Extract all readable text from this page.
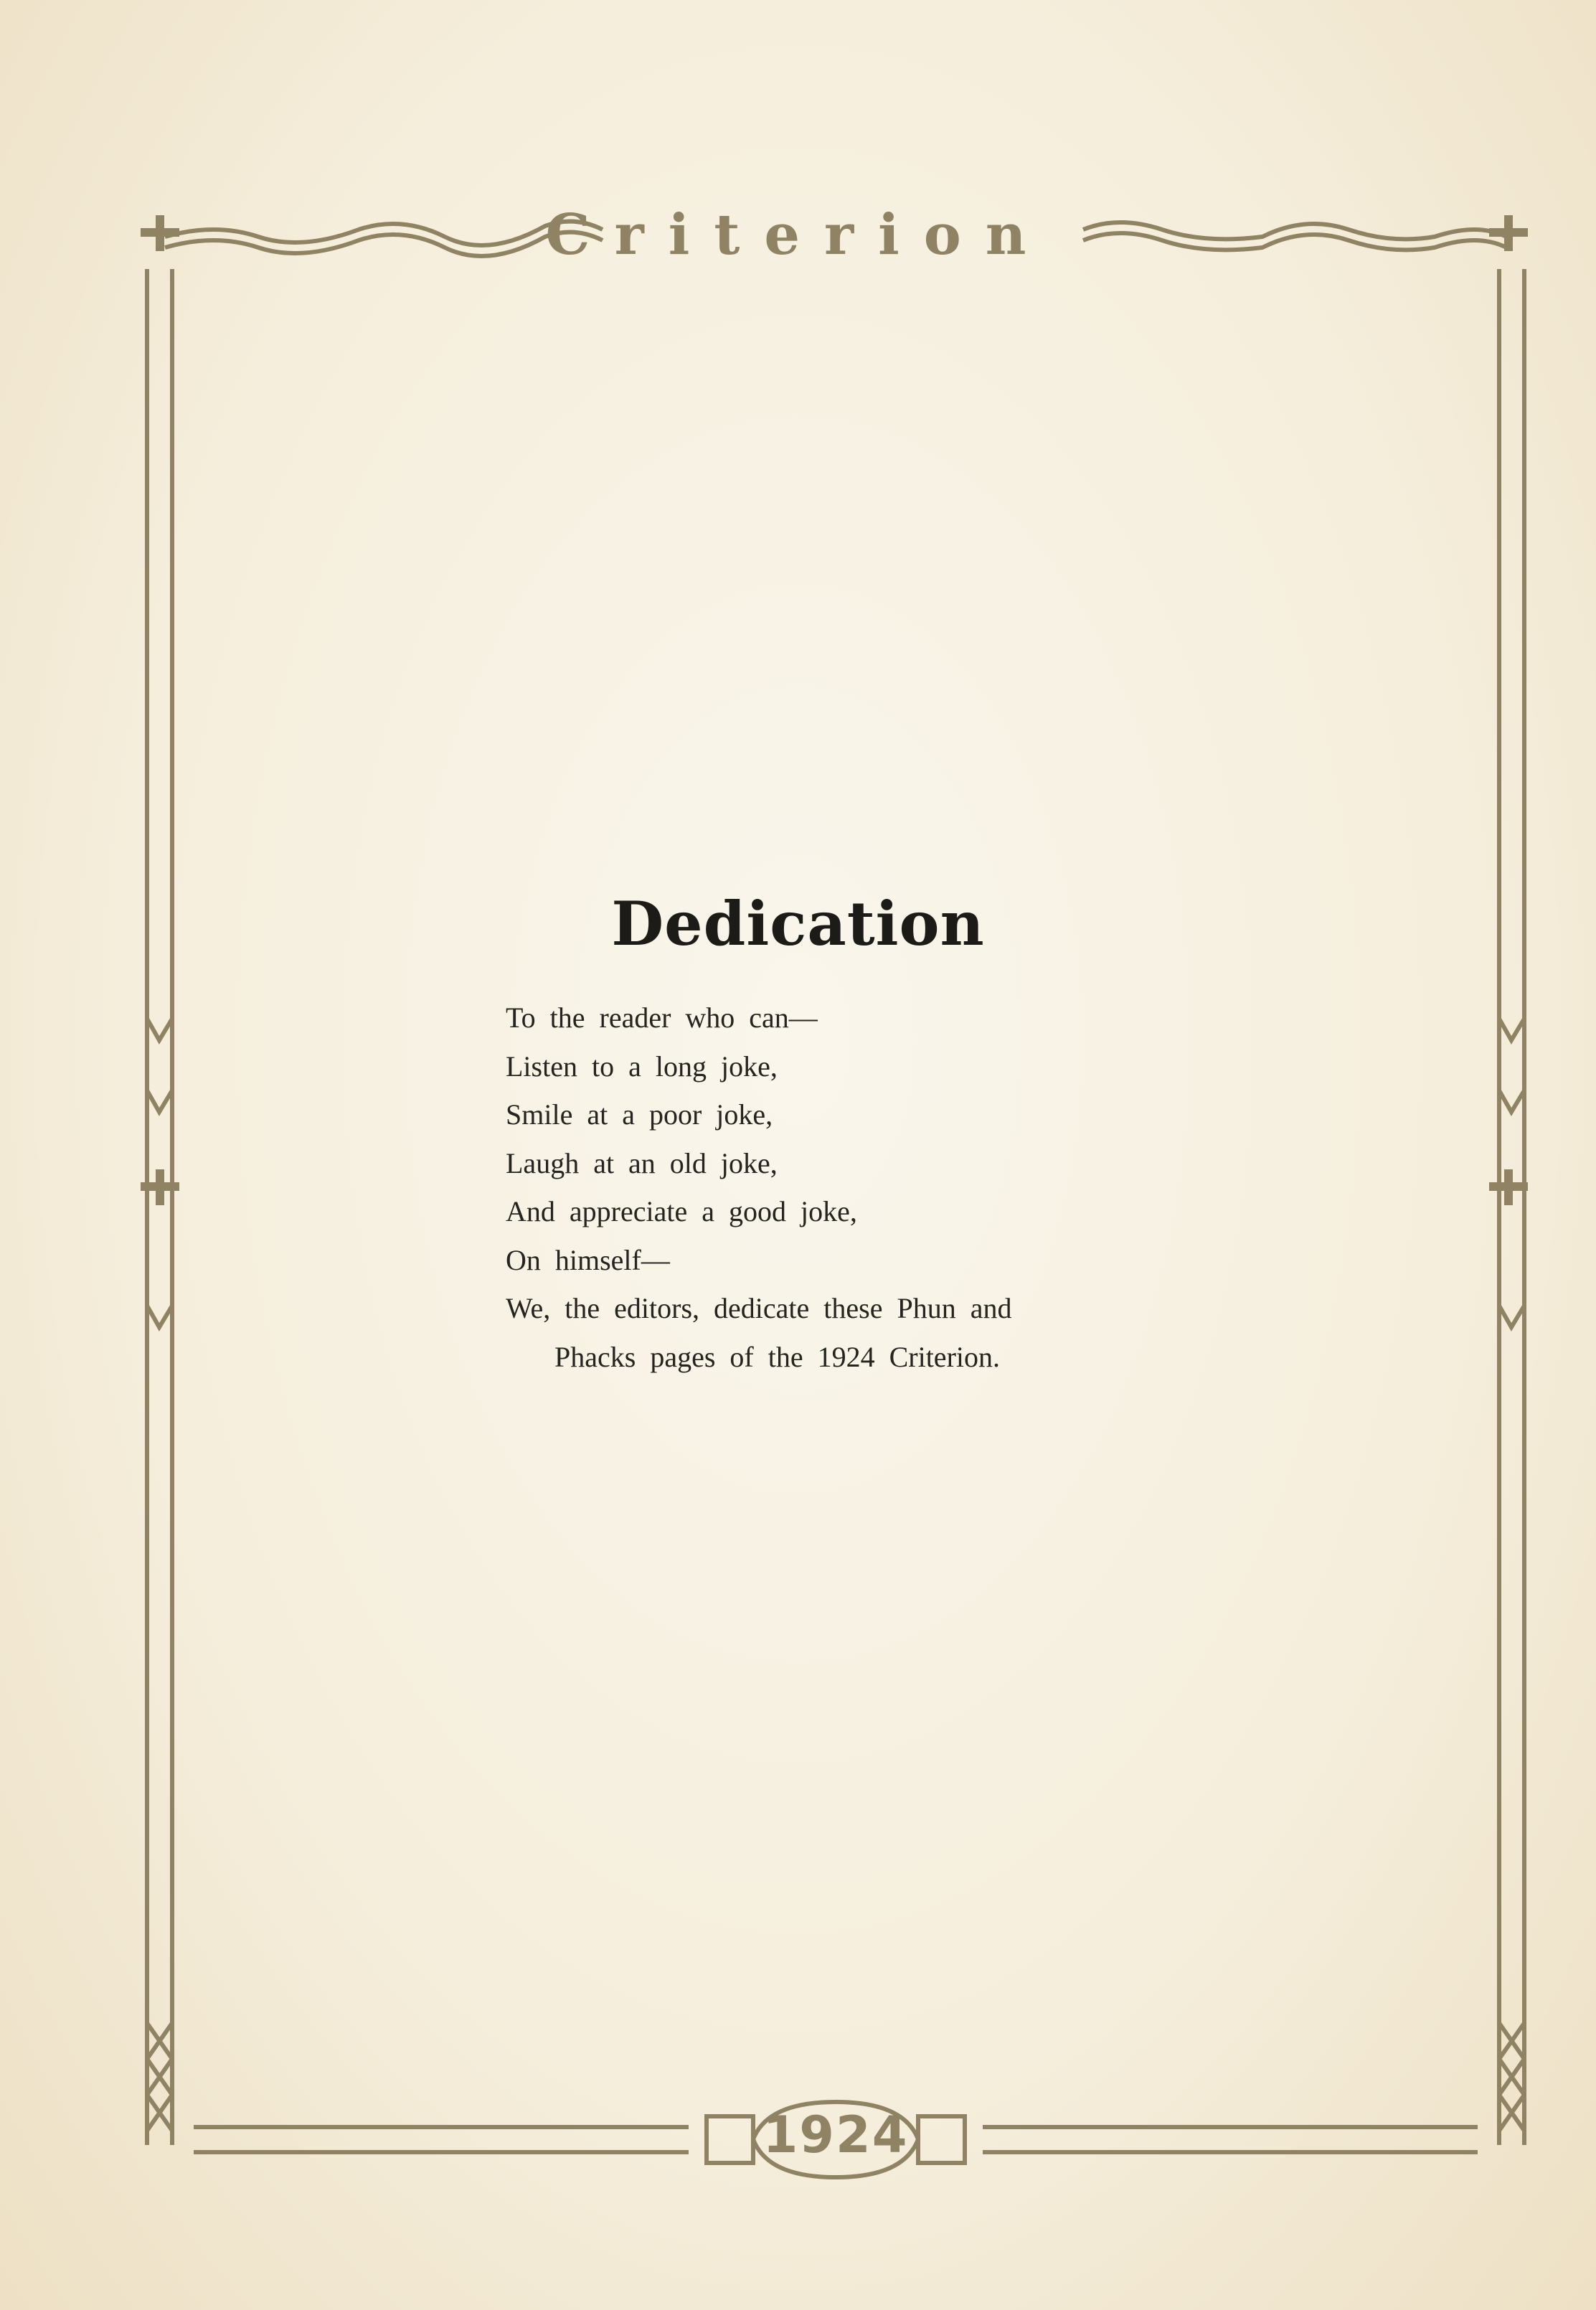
Criterion
Dedication
To the reader who can—
Listen to a long joke,
Smile at a poor joke,
Laugh at an old joke,
And appreciate a good joke,
On himself—
We, the editors, dedicate these Phun and
Phacks pages of the 1924 Criterion.
1924
